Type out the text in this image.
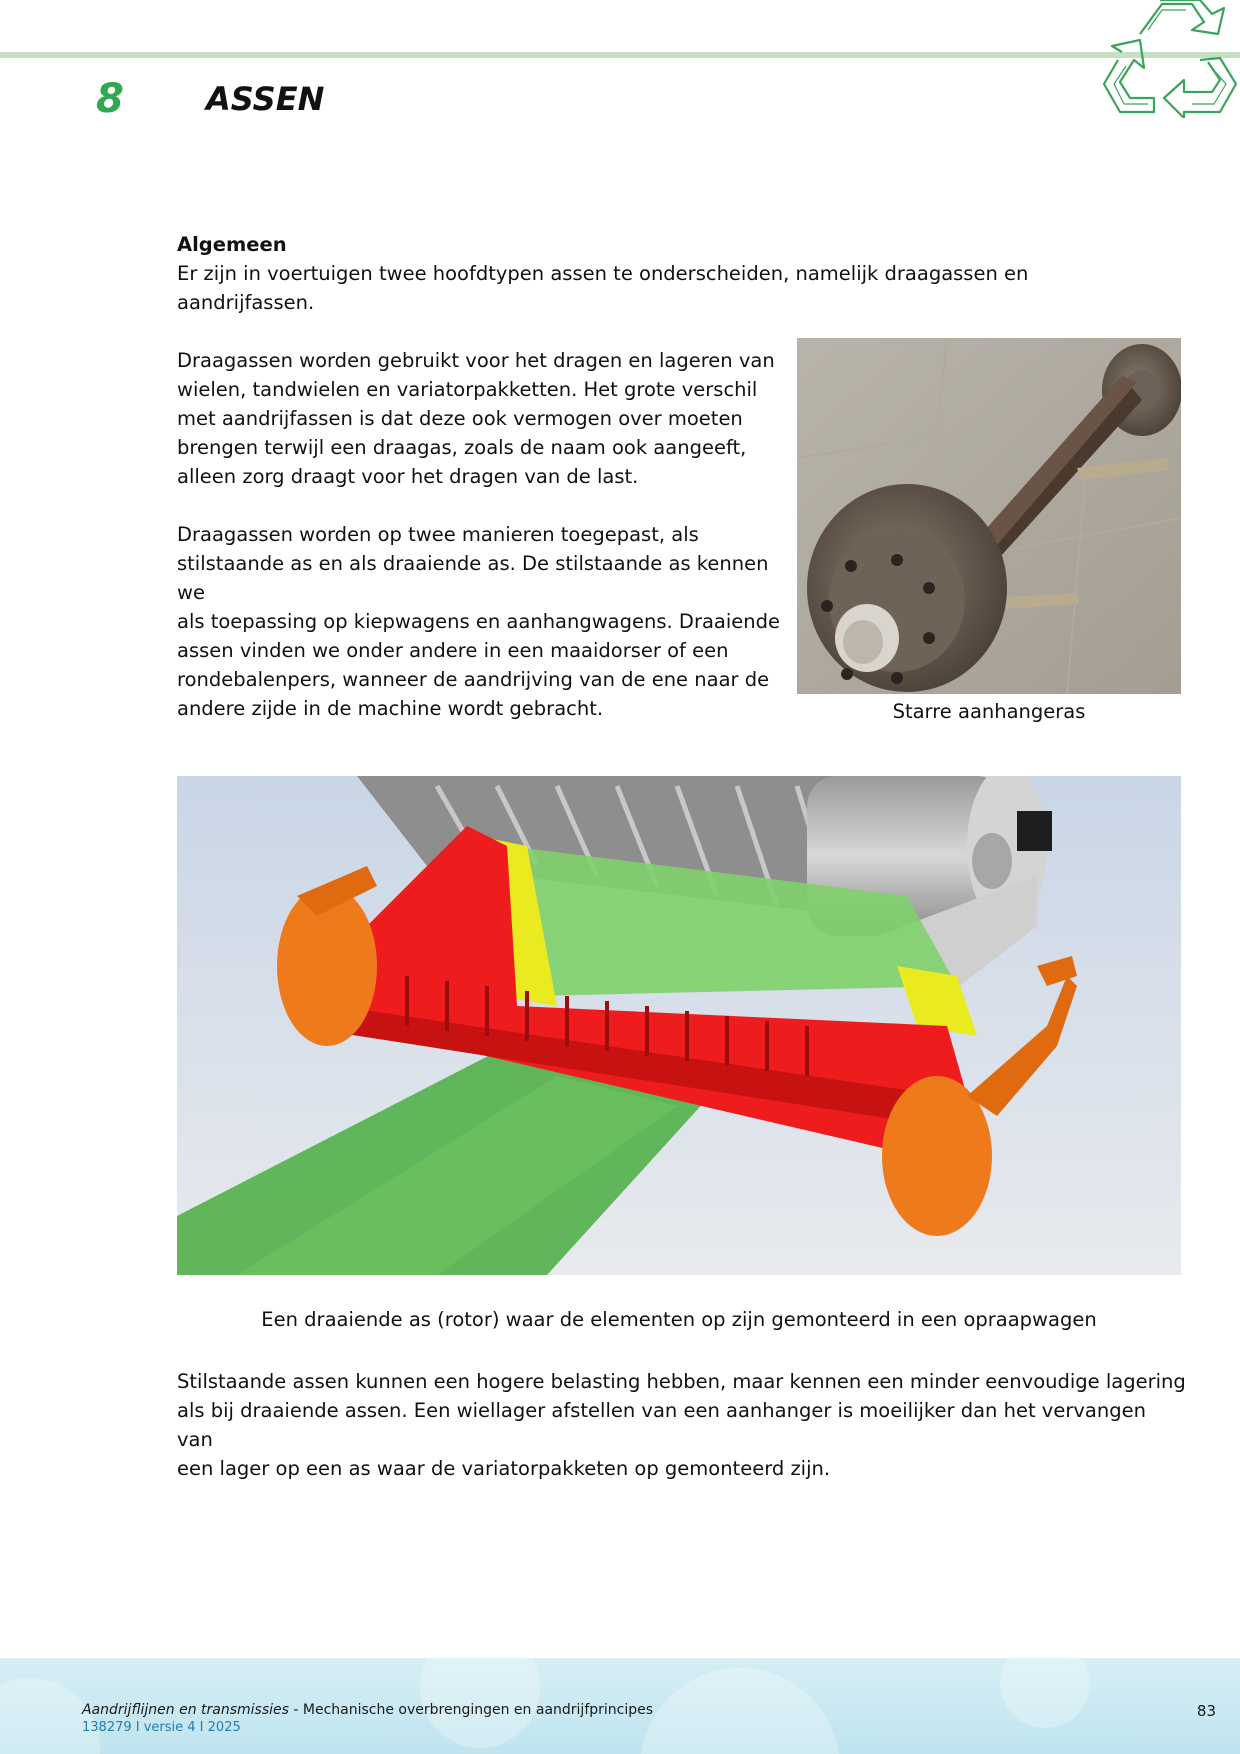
8	ASSEN
Algemeen
Er zijn in voertuigen twee hoofdtypen assen te onderscheiden, namelijk draagassen en
aandrijfassen.
Draagassen worden gebruikt voor het dragen en lageren van
wielen, tandwielen en variatorpakketten. Het grote verschil
met aandrijfassen is dat deze ook vermogen over moeten
brengen terwijl een draagas, zoals de naam ook aangeeft,
alleen zorg draagt voor het dragen van de last.
Draagassen worden op twee manieren toegepast, als
stilstaande as en als draaiende as. De stilstaande as kennen we
als toepassing op kiepwagens en aanhangwagens. Draaiende
assen vinden we onder andere in een maaidorser of een
rondebalenpers, wanneer de aandrijving van de ene naar de
andere zijde in de machine wordt gebracht.	Starre aanhangeras
Een draaiende as (rotor) waar de elementen op zijn gemonteerd in een opraapwagen
Stilstaande assen kunnen een hogere belasting hebben, maar kennen een minder eenvoudige lagering
als bij draaiende assen. Een wiellager afstellen van een aanhanger is moeilijker dan het vervangen van
een lager op een as waar de variatorpakketen op gemonteerd zijn.
Aandrijflijnen en transmissies - Mechanische overbrengingen en aandrijfprincipes
138279 I versie 4 I 2025
83
